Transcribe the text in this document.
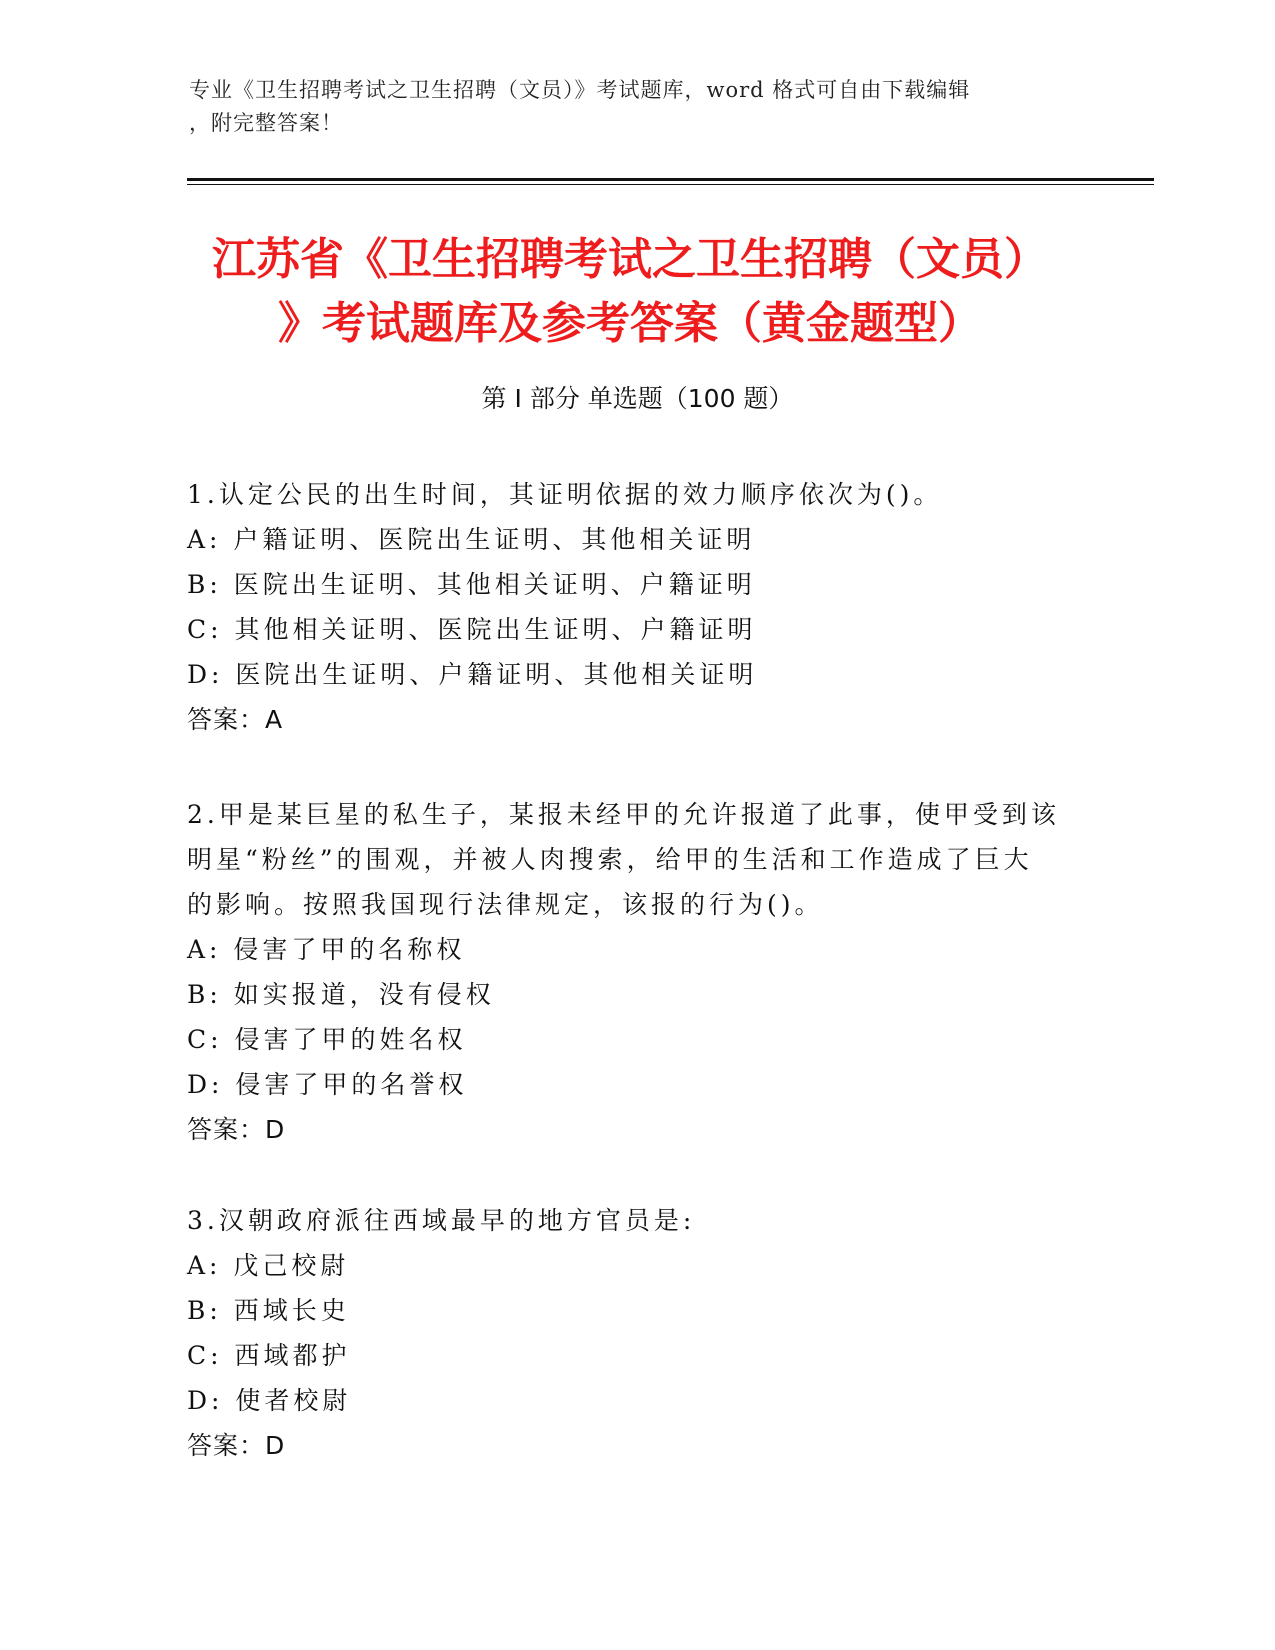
专业《卫生招聘考试之卫生招聘（文员）》考试题库，word 格式可自由下载编辑
，附完整答案！
江苏省《卫生招聘考试之卫生招聘（文员）
》考试题库及参考答案（黄金题型）
第 I 部分 单选题（100 题）
1.认定公民的出生时间，其证明依据的效力顺序依次为()。
A: 户籍证明、医院出生证明、其他相关证明
B: 医院出生证明、其他相关证明、户籍证明
C: 其他相关证明、医院出生证明、户籍证明
D: 医院出生证明、户籍证明、其他相关证明
答案：A
2.甲是某巨星的私生子，某报未经甲的允许报道了此事，使甲受到该
明星“粉丝”的围观，并被人肉搜索，给甲的生活和工作造成了巨大
的影响。按照我国现行法律规定，该报的行为()。
A: 侵害了甲的名称权
B: 如实报道，没有侵权
C: 侵害了甲的姓名权
D: 侵害了甲的名誉权
答案：D
3.汉朝政府派往西域最早的地方官员是:
A: 戊己校尉
B: 西域长史
C: 西域都护
D: 使者校尉
答案：D
